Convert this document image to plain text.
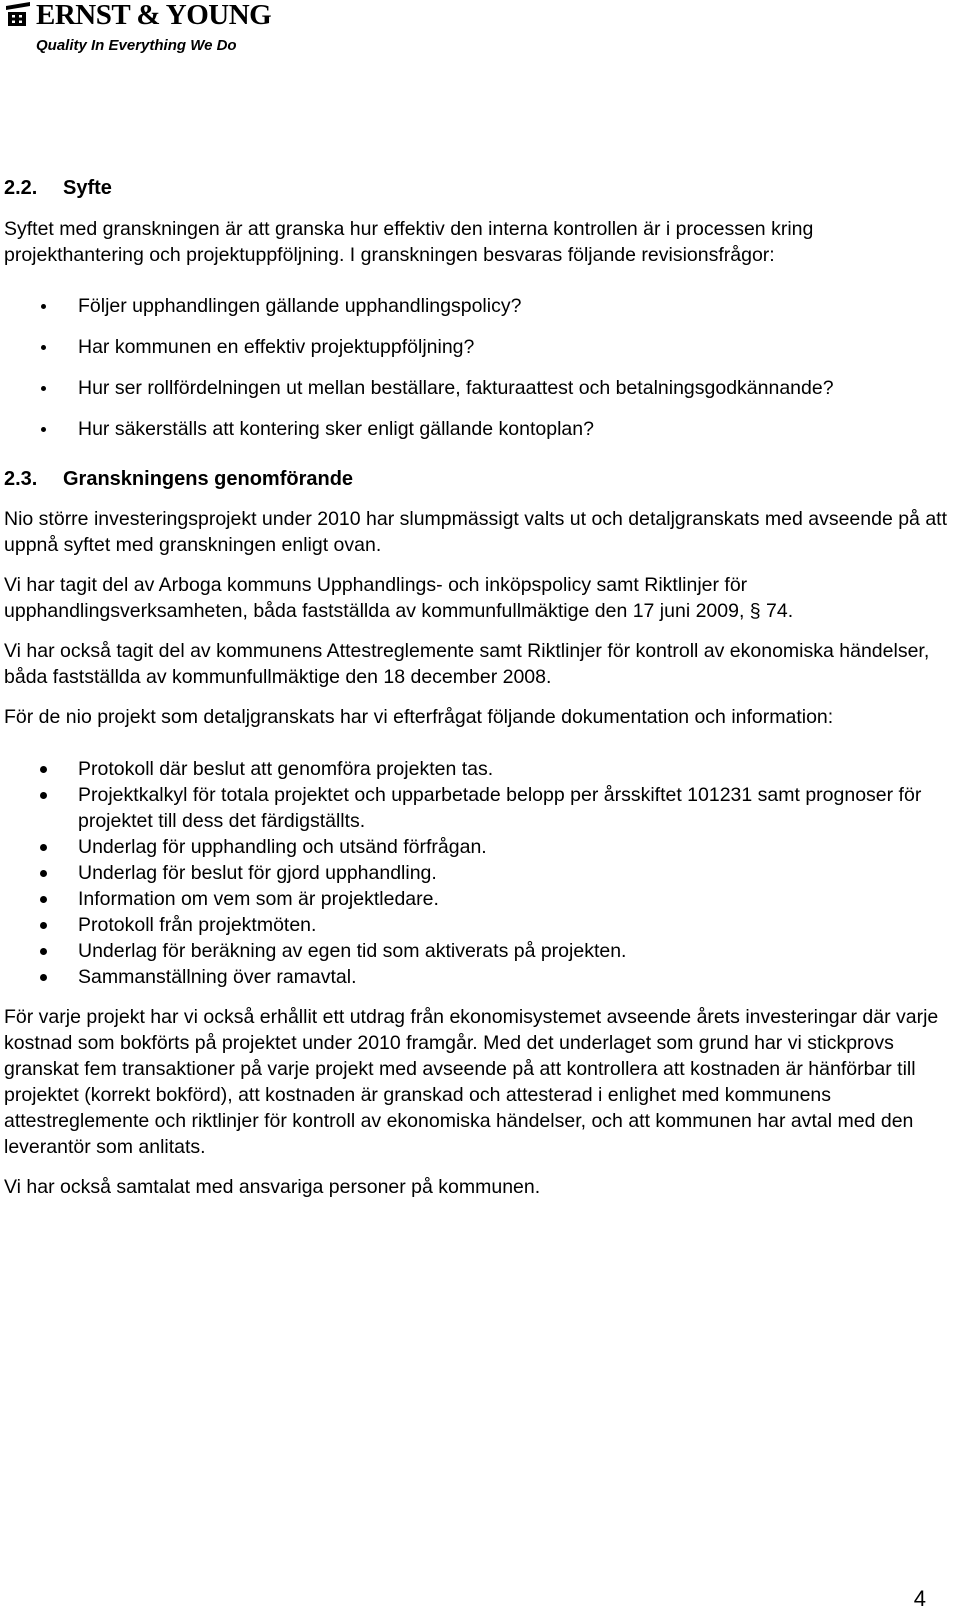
ERNST & YOUNG
Quality In Everything We Do
2.2. Syfte

Syftet med granskningen är att granska hur effektiv den interna kontrollen är i processen kring projekthantering och projektuppföljning. I granskningen besvaras följande revisionsfrågor:

Följer upphandlingen gällande upphandlingspolicy?
Har kommunen en effektiv projektuppföljning?
Hur ser rollfördelningen ut mellan beställare, fakturaattest och betalningsgodkännande?
Hur säkerställs att kontering sker enligt gällande kontoplan?
2.3. Granskningens genomförande

Nio större investeringsprojekt under 2010 har slumpmässigt valts ut och detaljgranskats med avseende på att uppnå syftet med granskningen enligt ovan.

Vi har tagit del av Arboga kommuns Upphandlings- och inköpspolicy samt Riktlinjer för upphandlingsverksamheten, båda fastställda av kommunfullmäktige den 17 juni 2009, § 74.

Vi har också tagit del av kommunens Attestreglemente samt Riktlinjer för kontroll av ekonomiska händelser, båda fastställda av kommunfullmäktige den 18 december 2008.

För de nio projekt som detaljgranskats har vi efterfrågat följande dokumentation och information:

Protokoll där beslut att genomföra projekten tas.
Projektkalkyl för totala projektet och upparbetade belopp per årsskiftet 101231 samt prognoser för projektet till dess det färdigställts.
Underlag för upphandling och utsänd förfrågan.
Underlag för beslut för gjord upphandling.
Information om vem som är projektledare.
Protokoll från projektmöten.
Underlag för beräkning av egen tid som aktiverats på projekten.
Sammanställning över ramavtal.

För varje projekt har vi också erhållit ett utdrag från ekonomisystemet avseende årets investeringar där varje kostnad som bokförts på projektet under 2010 framgår. Med det underlaget som grund har vi stickprovs granskat fem transaktioner på varje projekt med avseende på att kontrollera att kostnaden är hänförbar till projektet (korrekt bokförd), att kostnaden är granskad och attesterad i enlighet med kommunens attestreglemente och riktlinjer för kontroll av ekonomiska händelser, och att kommunen har avtal med den leverantör som anlitats.

Vi har också samtalat med ansvariga personer på kommunen.

4
